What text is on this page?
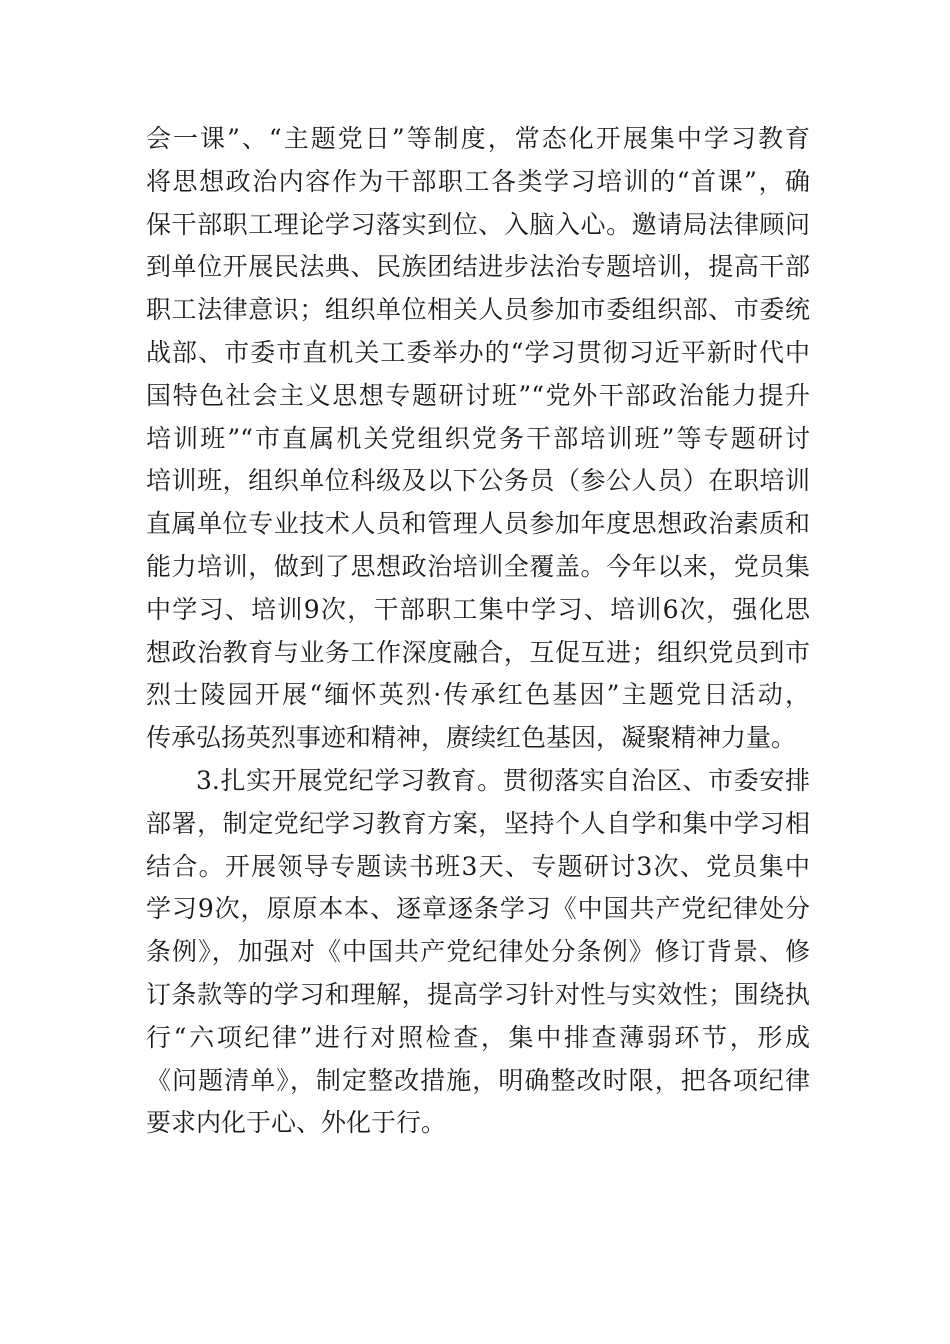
会一课”、“主题党日”等制度，常态化开展集中学习教育
将思想政治内容作为干部职工各类学习培训的“首课”，确
保干部职工理论学习落实到位、入脑入心。邀请局法律顾问
到单位开展民法典、民族团结进步法治专题培训，提高干部
职工法律意识；组织单位相关人员参加市委组织部、市委统
战部、市委市直机关工委举办的“学习贯彻习近平新时代中
国特色社会主义思想专题研讨班”“党外干部政治能力提升
培训班”“市直属机关党组织党务干部培训班”等专题研讨
培训班，组织单位科级及以下公务员（参公人员）在职培训
直属单位专业技术人员和管理人员参加年度思想政治素质和
能力培训，做到了思想政治培训全覆盖。今年以来，党员集
中学习、培训9次，干部职工集中学习、培训6次，强化思
想政治教育与业务工作深度融合，互促互进；组织党员到市
烈士陵园开展“缅怀英烈·传承红色基因”主题党日活动，
传承弘扬英烈事迹和精神，赓续红色基因，凝聚精神力量。
3.扎实开展党纪学习教育。贯彻落实自治区、市委安排
部署，制定党纪学习教育方案，坚持个人自学和集中学习相
结合。开展领导专题读书班3天、专题研讨3次、党员集中
学习9次，原原本本、逐章逐条学习《中国共产党纪律处分
条例》，加强对《中国共产党纪律处分条例》修订背景、修
订条款等的学习和理解，提高学习针对性与实效性；围绕执
行“六项纪律”进行对照检查，集中排查薄弱环节，形成
《问题清单》，制定整改措施，明确整改时限，把各项纪律
要求内化于心、外化于行。
